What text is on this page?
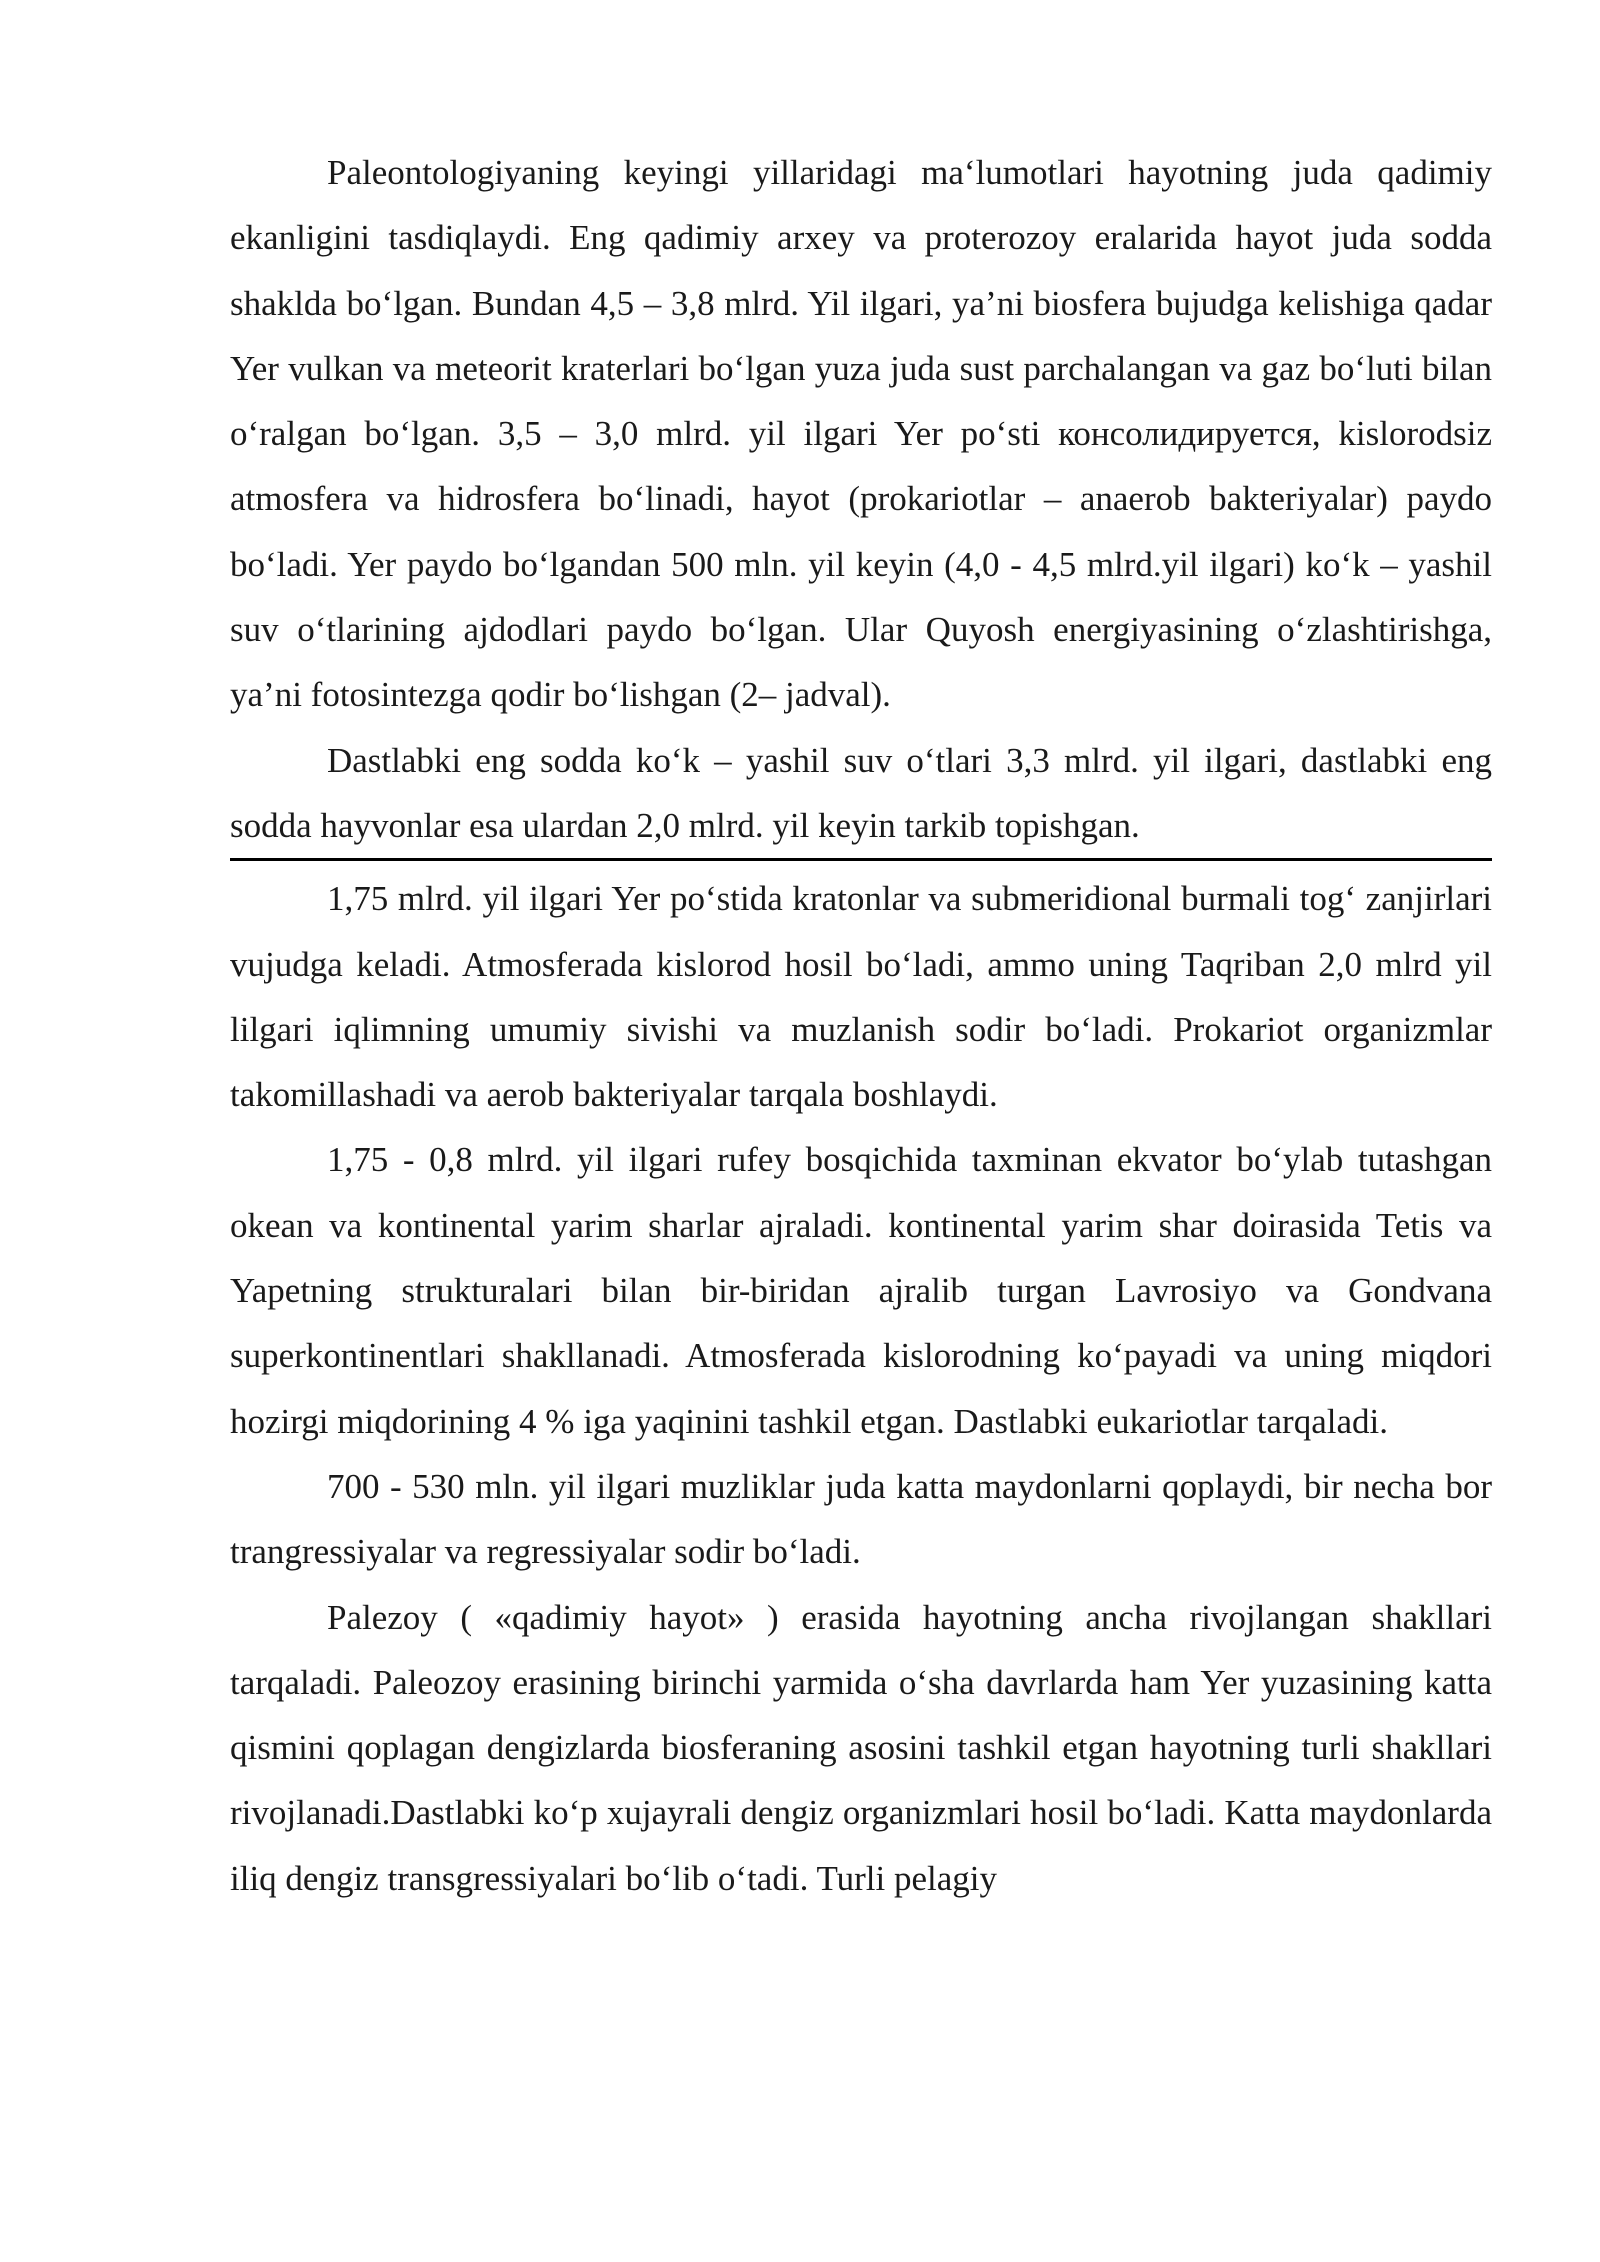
Paleontologiyaning keyingi yillaridagi ma‘lumotlari hayotning juda qadimiy ekanligini tasdiqlaydi. Eng qadimiy arxey va proterozoy eralarida hayot juda sodda shaklda bo‘lgan. Bundan 4,5 – 3,8 mlrd. Yil ilgari, ya’ni biosfera bujudga kelishiga qadar Yer vulkan va meteorit kraterlari bo‘lgan yuza juda sust parchalangan va gaz bo‘luti bilan o‘ralgan bo‘lgan. 3,5 – 3,0 mlrd. yil ilgari Yer po‘sti консолидируется, kislorodsiz atmosfera va hidrosfera bo‘linadi, hayot (prokariotlar – anaerob bakteriyalar) paydo bo‘ladi. Yer paydo bo‘lgandan 500 mln. yil keyin (4,0 - 4,5 mlrd.yil ilgari) ko‘k – yashil suv o‘tlarining ajdodlari paydo bo‘lgan. Ular Quyosh energiyasining o‘zlashtirishga, ya’ni fotosintezga qodir bo‘lishgan (2– jadval).

Dastlabki eng sodda ko‘k – yashil suv o‘tlari 3,3 mlrd. yil ilgari, dastlabki eng sodda hayvonlar esa ulardan 2,0 mlrd. yil keyin tarkib topishgan.

1,75 mlrd. yil ilgari Yer po‘stida kratonlar va submeridional burmali tog‘ zanjirlari vujudga keladi. Atmosferada kislorod hosil bo‘ladi, ammo uning Taqriban 2,0 mlrd yil lilgari iqlimning umumiy sivishi va muzlanish sodir bo‘ladi. Prokariot organizmlar takomillashadi va aerob bakteriyalar tarqala boshlaydi.

1,75 - 0,8 mlrd. yil ilgari rufey bosqichida taxminan ekvator bo‘ylab tutashgan okean va kontinental yarim sharlar ajraladi. kontinental yarim shar doirasida Tetis va Yapetning strukturalari bilan bir-biridan ajralib turgan Lavrosiyo va Gondvana superkontinentlari shakllanadi. Atmosferada kislorodning ko‘payadi va uning miqdori hozirgi miqdorining 4 % iga yaqinini tashkil etgan. Dastlabki eukariotlar tarqaladi.

700 - 530 mln. yil ilgari muzliklar juda katta maydonlarni qoplaydi, bir necha bor trangressiyalar va regressiyalar sodir bo‘ladi.

Palezoy ( «qadimiy hayot» ) erasida hayotning ancha rivojlangan shakllari tarqaladi. Paleozoy erasining birinchi yarmida o‘sha davrlarda ham Yer yuzasining katta qismini qoplagan dengizlarda biosferaning asosini tashkil etgan hayotning turli shakllari rivojlanadi.Dastlabki ko‘p xujayrali dengiz organizmlari hosil bo‘ladi. Katta maydonlarda iliq dengiz transgressiyalari bo‘lib o‘tadi. Turli pelagiy
